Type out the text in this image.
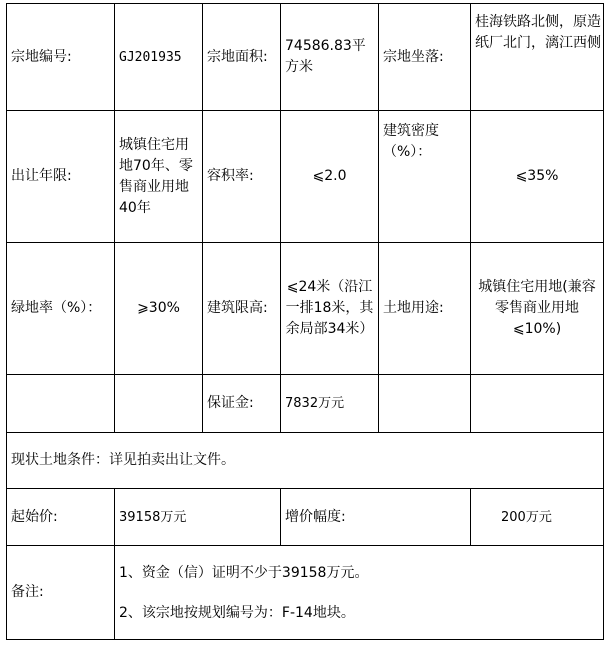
宗地编号:	GJ201935	宗地面积:	74586.83平方米	宗地坐落:	桂海铁路北侧，原造纸厂北门，漓江西侧
出让年限:	城镇住宅用地70年、零售商业用地40年	容积率:	⩽2.0	建筑密度（%）：	⩽35%
绿地率（%）：	⩾30%	建筑限高:	⩽24米（沿江一排18米，其余局部34米）	土地用途:	城镇住宅用地(兼容零售商业用地⩽10%)
		保证金:	7832万元		
现状土地条件：详见拍卖出让文件。					
起始价:	39158万元		增价幅度:		200万元
备注:	1、资金（信）证明不少于39158万元。

2、该宗地按规划编号为：F-14地块。				
